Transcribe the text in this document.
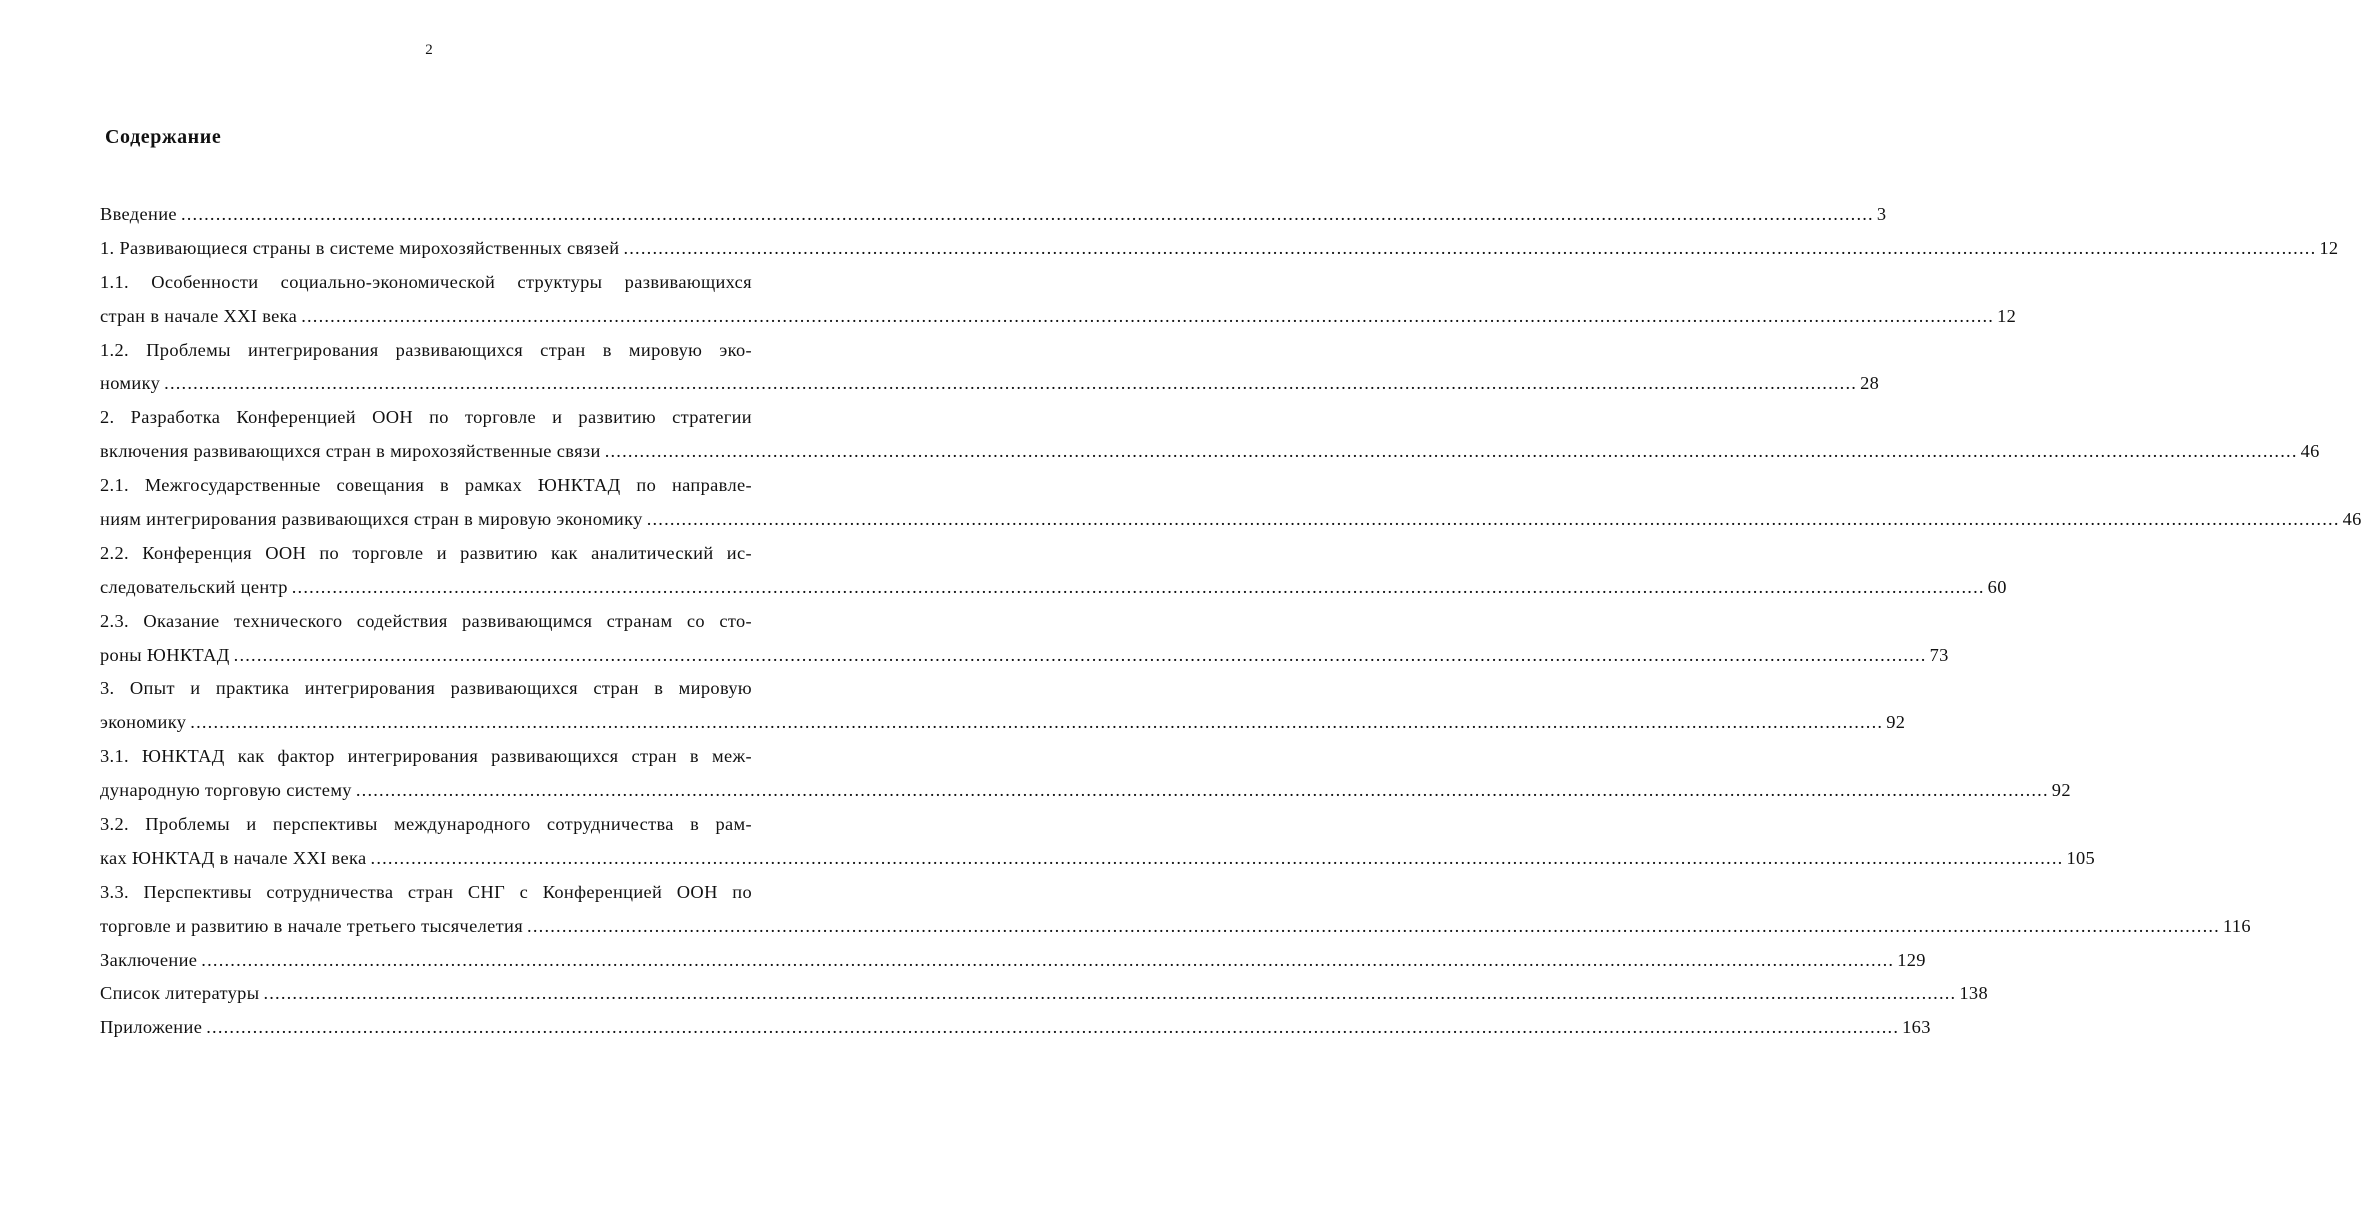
2
Содержание
Введение .................................................................................................................................................................................................................................................................................................... 3
1. Развивающиеся страны в системе мирохозяйственных связей .................................................................................................................................................................................................................................................................................................... 12
1.1. Особенности социально-экономической структуры развивающихся
стран в начале XXI века .................................................................................................................................................................................................................................................................................................... 12
1.2. Проблемы интегрирования развивающихся стран в мировую эко-
номику .................................................................................................................................................................................................................................................................................................... 28
2. Разработка Конференцией ООН по торговле и развитию стратегии
включения развивающихся стран в мирохозяйственные связи .................................................................................................................................................................................................................................................................................................... 46
2.1. Межгосударственные совещания в рамках ЮНКТАД по направле-
ниям интегрирования развивающихся стран в мировую экономику .................................................................................................................................................................................................................................................................................................... 46
2.2. Конференция ООН по торговле и развитию как аналитический ис-
следовательский центр .................................................................................................................................................................................................................................................................................................... 60
2.3. Оказание технического содействия развивающимся странам со сто-
роны ЮНКТАД .................................................................................................................................................................................................................................................................................................... 73
3. Опыт и практика интегрирования развивающихся стран в мировую
экономику .................................................................................................................................................................................................................................................................................................... 92
3.1. ЮНКТАД как фактор интегрирования развивающихся стран в меж-
дународную торговую систему .................................................................................................................................................................................................................................................................................................... 92
3.2. Проблемы и перспективы международного сотрудничества в рам-
ках ЮНКТАД в начале XXI века .................................................................................................................................................................................................................................................................................................... 105
3.3. Перспективы сотрудничества стран СНГ с Конференцией ООН по
торговле и развитию в начале третьего тысячелетия .................................................................................................................................................................................................................................................................................................... 116
Заключение .................................................................................................................................................................................................................................................................................................... 129
Список литературы .................................................................................................................................................................................................................................................................................................... 138
Приложение .................................................................................................................................................................................................................................................................................................... 163
